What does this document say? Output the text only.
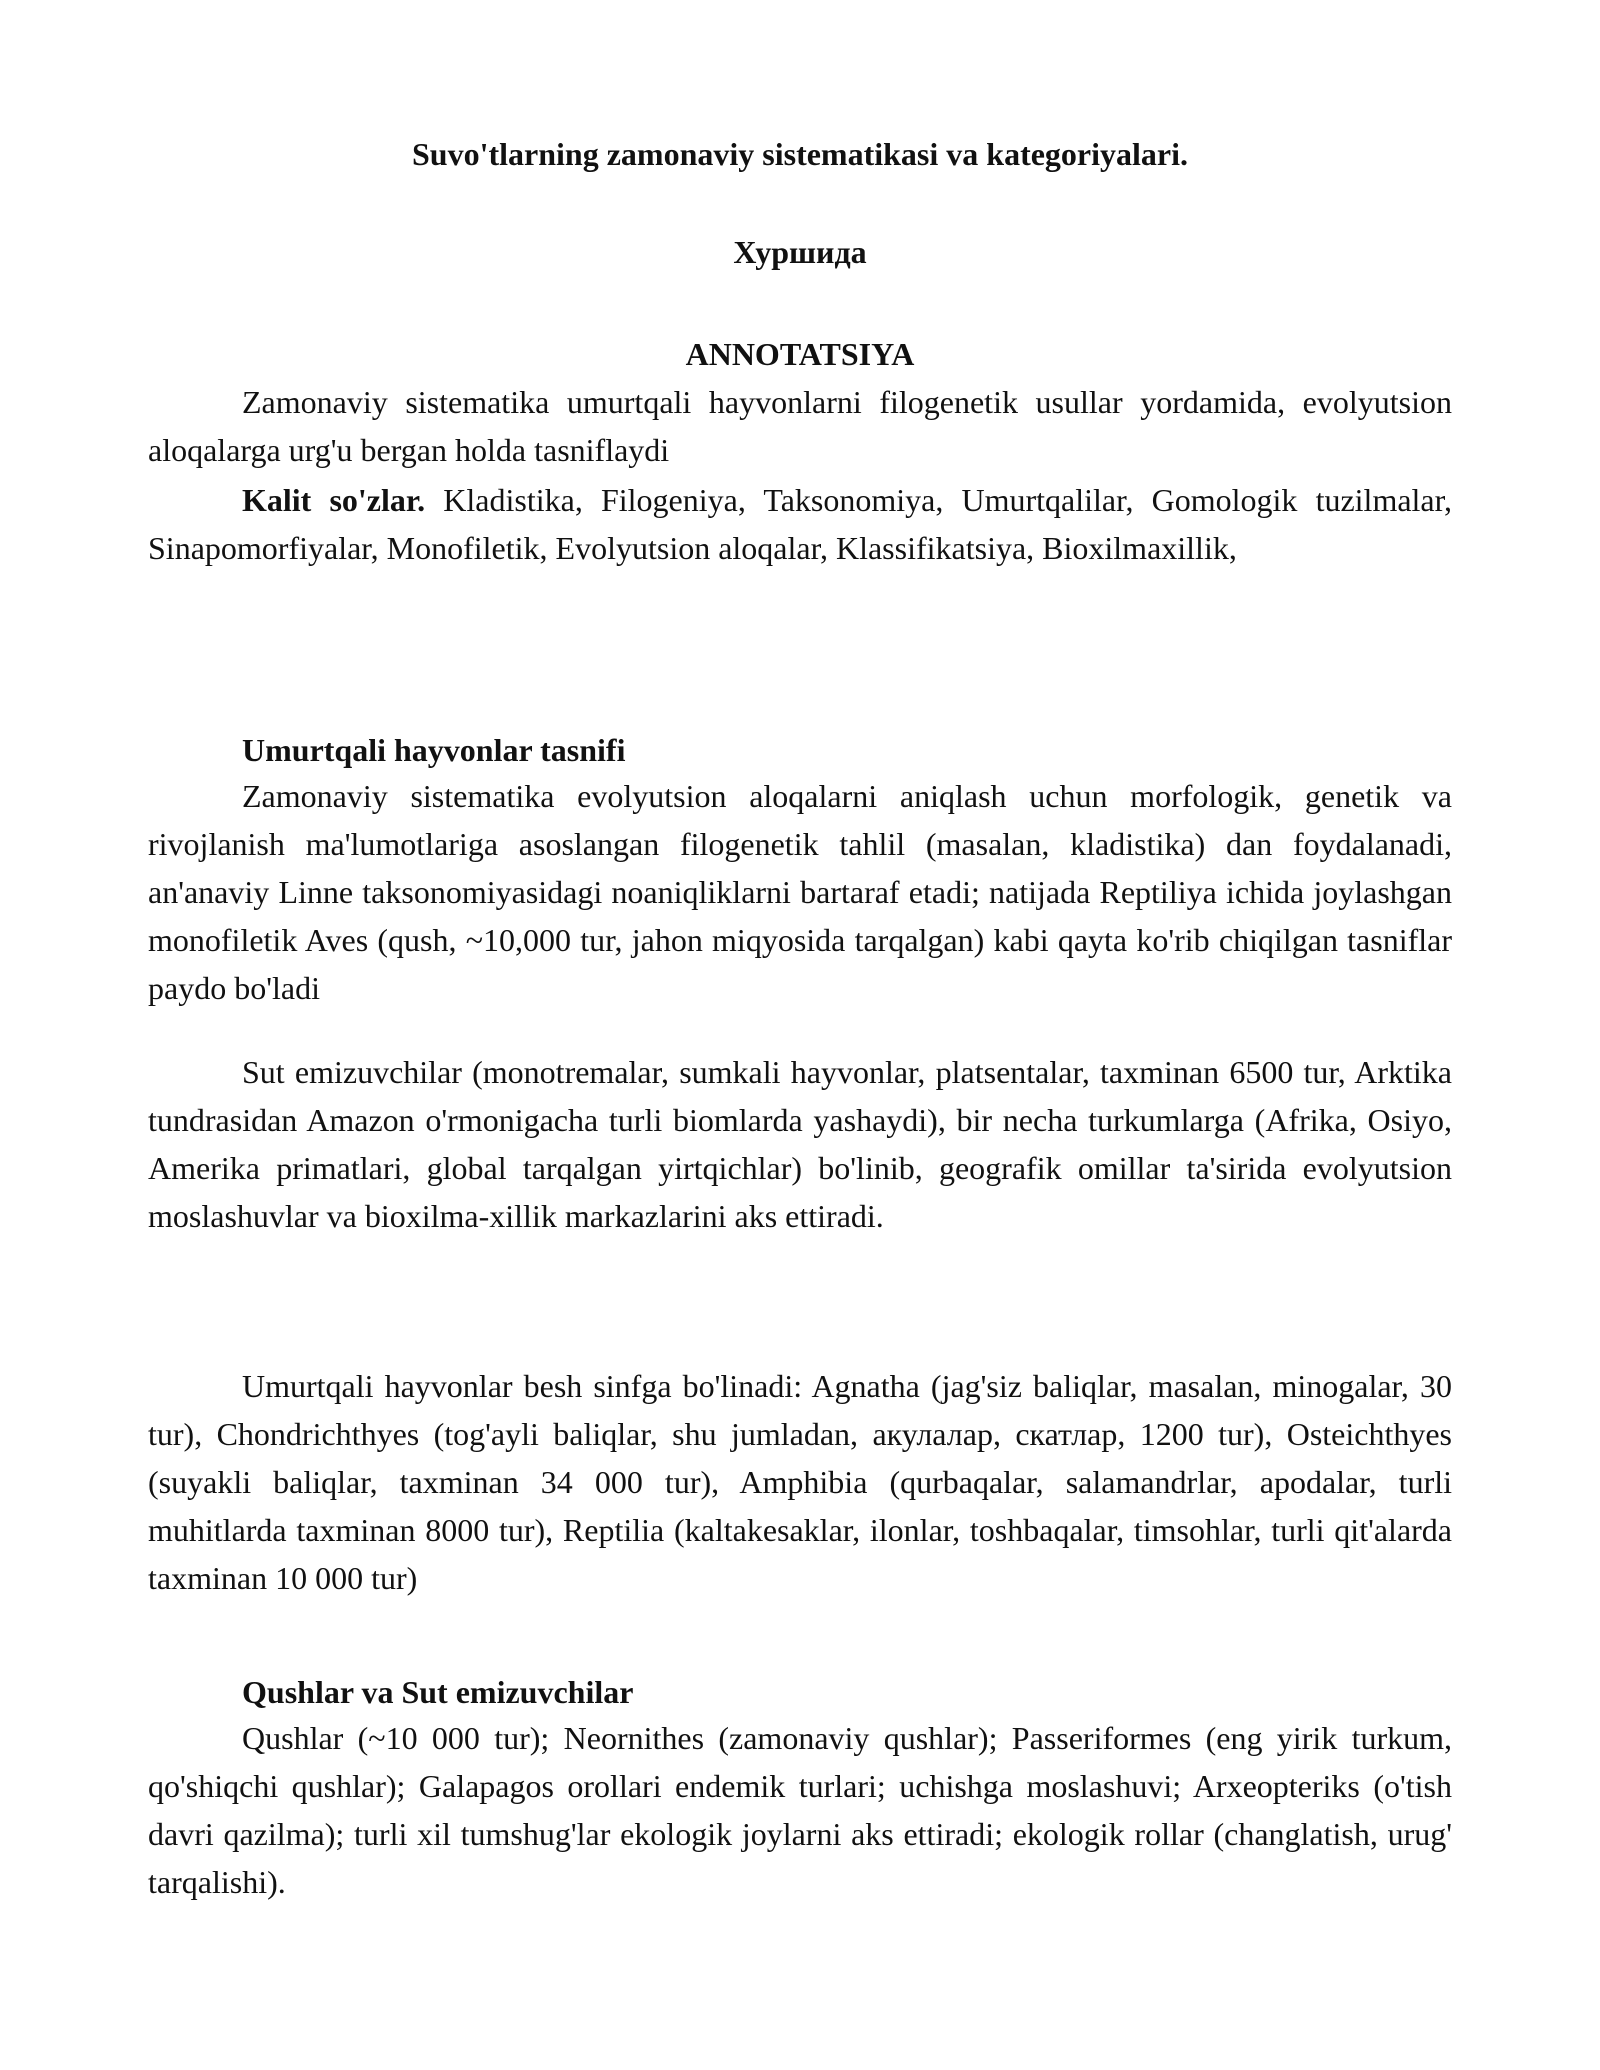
Suvo'tlarning zamonaviy sistematikasi va kategoriyalari.
Хуршида
ANNOTATSIYA

Zamonaviy sistematika umurtqali hayvonlarni filogenetik usullar yordamida, evolyutsion aloqalarga urg'u bergan holda tasniflaydi

Kalit so'zlar. Kladistika, Filogeniya, Taksonomiya, Umurtqalilar, Gomologik tuzilmalar, Sinapomorfiyalar, Monofiletik, Evolyutsion aloqalar, Klassifikatsiya, Bioxilmaxillik,

Umurtqali hayvonlar tasnifi

Zamonaviy sistematika evolyutsion aloqalarni aniqlash uchun morfologik, genetik va rivojlanish ma'lumotlariga asoslangan filogenetik tahlil (masalan, kladistika) dan foydalanadi, an'anaviy Linne taksonomiyasidagi noaniqliklarni bartaraf etadi; natijada Reptiliya ichida joylashgan monofiletik Aves (qush, ~10,000 tur, jahon miqyosida tarqalgan) kabi qayta ko'rib chiqilgan tasniflar paydo bo'ladi

Sut emizuvchilar (monotremalar, sumkali hayvonlar, platsentalar, taxminan 6500 tur, Arktika tundrasidan Amazon o'rmonigacha turli biomlarda yashaydi), bir necha turkumlarga (Afrika, Osiyo, Amerika primatlari, global tarqalgan yirtqichlar) bo'linib, geografik omillar ta'sirida evolyutsion moslashuvlar va bioxilma-xillik markazlarini aks ettiradi.

Umurtqali hayvonlar besh sinfga bo'linadi: Agnatha (jag'siz baliqlar, masalan, minogalar, 30 tur), Chondrichthyes (tog'ayli baliqlar, shu jumladan, акулалар, скатлар, 1200 tur), Osteichthyes (suyakli baliqlar, taxminan 34 000 tur), Amphibia (qurbaqalar, salamandrlar, apodalar, turli muhitlarda taxminan 8000 tur), Reptilia (kaltakesaklar, ilonlar, toshbaqalar, timsohlar, turli qit'alarda taxminan 10 000 tur)

Qushlar va Sut emizuvchilar

Qushlar (~10 000 tur); Neornithes (zamonaviy qushlar); Passeriformes (eng yirik turkum, qo'shiqchi qushlar); Galapagos orollari endemik turlari; uchishga moslashuvi; Arxeopteriks (o'tish davri qazilma); turli xil tumshug'lar ekologik joylarni aks ettiradi; ekologik rollar (changlatish, urug' tarqalishi).
